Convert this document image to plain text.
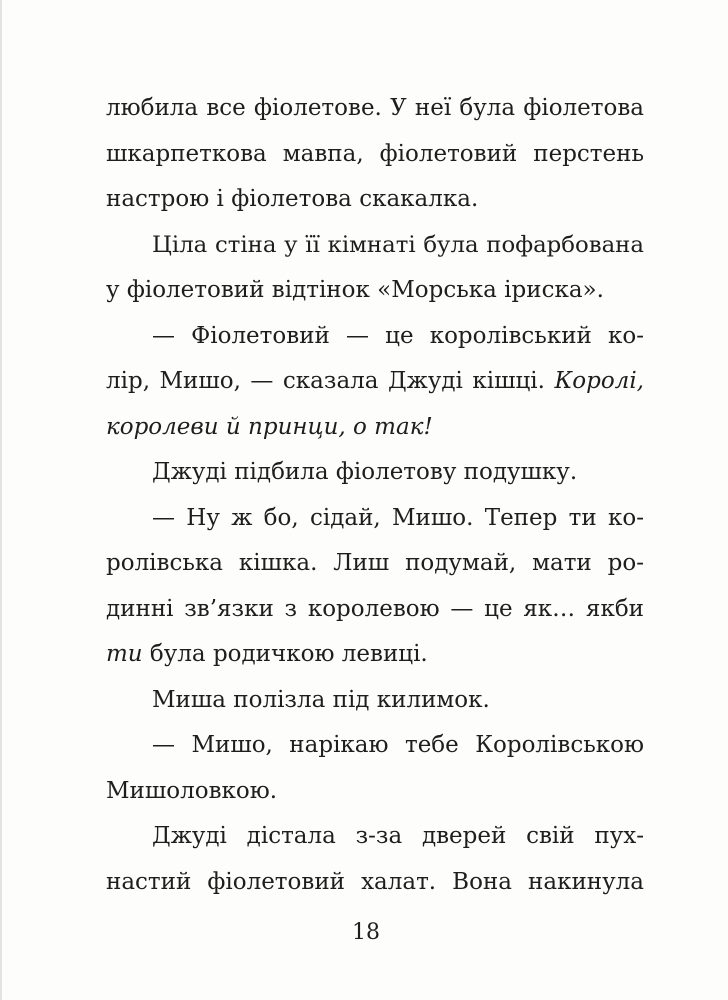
любила все фіолетове. У неї була фіолетова
шкарпеткова мавпа, фіолетовий перстень
настрою і фіолетова скакалка.
Ціла стіна у її кімнаті була пофарбована
у фіолетовий відтінок «Морська іриска».
— Фіолетовий — це королівський ко-
лір, Мишо, — сказала Джуді кішці. Королі,
королеви й принци, о так!
Джуді підбила фіолетову подушку.
— Ну ж бо, сідай, Мишо. Тепер ти ко-
ролівська кішка. Лиш подумай, мати ро-
динні зв’язки з королевою — це як… якби
ти була родичкою левиці.
Миша полізла під килимок.
— Мишо, нарікаю тебе Королівською
Мишоловкою.
Джуді дістала з-за дверей свій пух-
настий фіолетовий халат. Вона накинула
18
